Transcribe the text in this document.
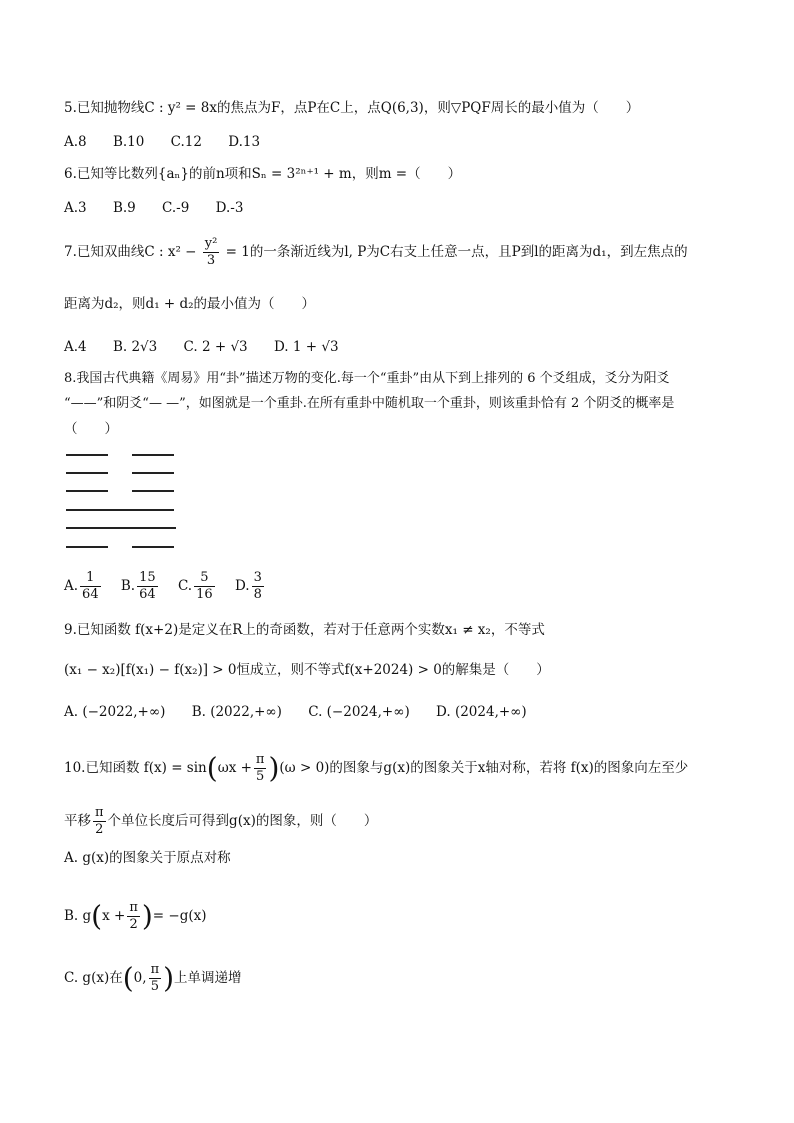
5.已知抛物线C : y² = 8x的焦点为F，点P在C上，点Q(6,3)，则▽PQF周长的最小值为（　　）
A.8 B.10 C.12 D.13
6.已知等比数列{aₙ}的前n项和Sₙ = 3²ⁿ⁺¹ + m，则m =（　　）
A.3 B.9 C.-9 D.-3
7.已知双曲线C : $x^2 - \frac{\text{y²}}{3} = 1$的一条渐近线为l, P为C右支上任意一点，且P到l的距离为d₁，到左焦点的
距离为d₂，则d₁ + d₂的最小值为（　　）
A.4 B. 2√3 C. 2 + √3 D. 1 + √3
8.我国古代典籍《周易》用“卦”描述万物的变化.每一个“重卦”由从下到上排列的 6 个爻组成，爻分为阳爻
“——”和阴爻“— —”，如图就是一个重卦.在所有重卦中随机取一个重卦，则该重卦恰有 2 个阴爻的概率是
（　　）
A. $\frac{1}{64} B$. $\frac{15}{64} C$. $\frac{5}{16} D$. $\frac{3}{8}$
9.已知函数 f(x+2)是定义在R上的奇函数，若对于任意两个实数x₁ ≠ x₂，不等式
(x₁ − x₂)[f(x₁) − f(x₂)] > 0恒成立，则不等式f(x+2024) > 0的解集是（　　）
A. (−2022,+∞) B. (2022,+∞) C. (−2024,+∞) D. (2024,+∞)
10.已知函数 $f(x) = \sin(\omega x + \frac{\pi}{5} )(\omega > 0)$的图象与g(x)的图象关于x轴对称，若将 f(x)的图象向左至少
平移 $\frac{\pi}{2}$ 个单位长度后可得到g(x)的图象，则（　　）
A. g(x)的图象关于原点对称
B. $g(x + \frac{\pi}{2}$ )= −g(x)
C. g(x)在(0, $\frac{\pi}{5}$ )上单调递增
